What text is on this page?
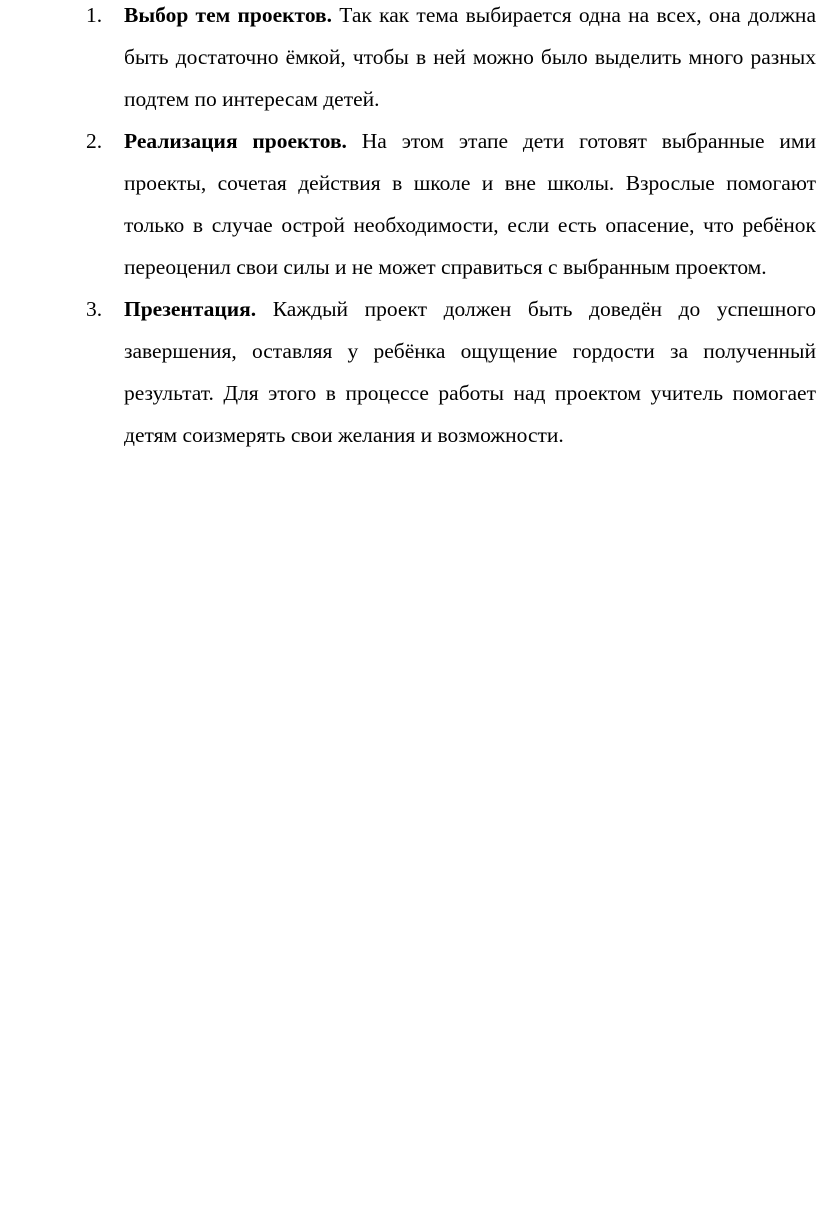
1. Выбор тем проектов. Так как тема выбирается одна на всех, она должна быть достаточно ёмкой, чтобы в ней можно было выделить много разных подтем по интересам детей.
2. Реализация проектов. На этом этапе дети готовят выбранные ими проекты, сочетая действия в школе и вне школы. Взрослые помогают только в случае острой необходимости, если есть опасение, что ребёнок переоценил свои силы и не может справиться с выбранным проектом.
3. Презентация. Каждый проект должен быть доведён до успешного завершения, оставляя у ребёнка ощущение гордости за полученный результат. Для этого в процессе работы над проектом учитель помогает детям соизмерять свои желания и возможности.
